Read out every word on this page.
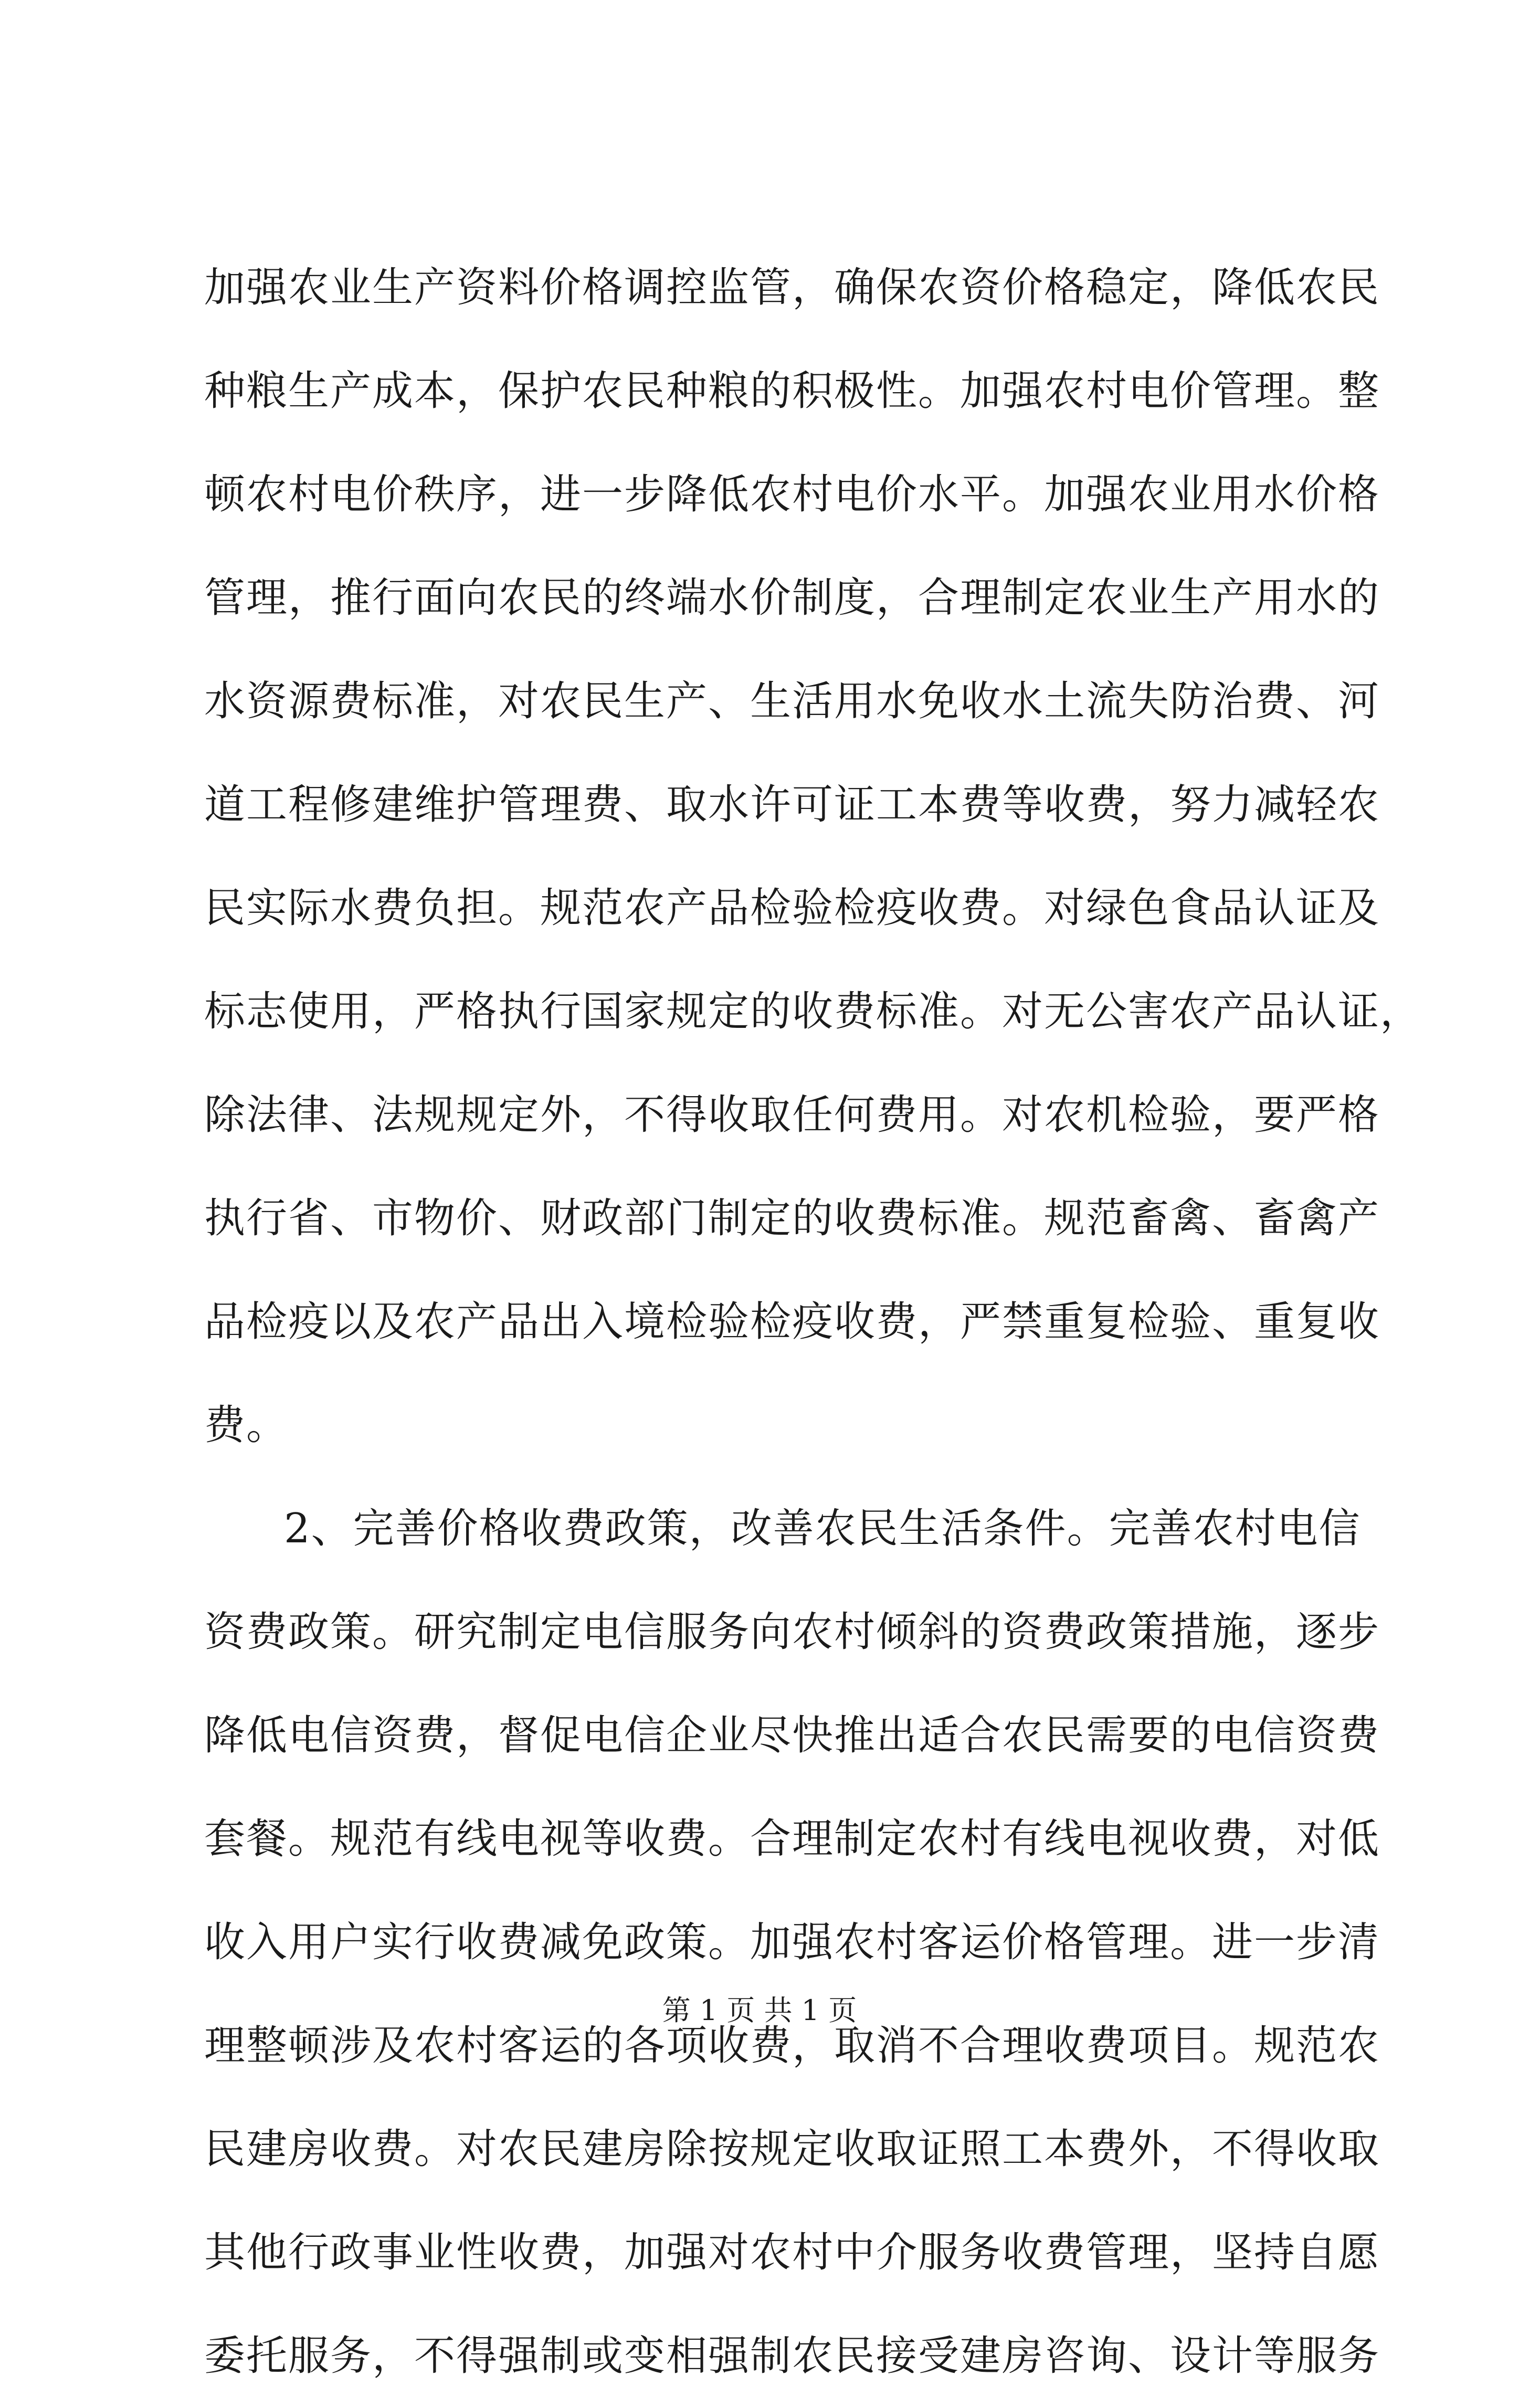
加强农业生产资料价格调控监管，确保农资价格稳定，降低农民
种粮生产成本，保护农民种粮的积极性。加强农村电价管理。整
顿农村电价秩序，进一步降低农村电价水平。加强农业用水价格
管理，推行面向农民的终端水价制度，合理制定农业生产用水的
水资源费标准，对农民生产、生活用水免收水土流失防治费、河
道工程修建维护管理费、取水许可证工本费等收费，努力减轻农
民实际水费负担。规范农产品检验检疫收费。对绿色食品认证及
标志使用，严格执行国家规定的收费标准。对无公害农产品认证，
除法律、法规规定外，不得收取任何费用。对农机检验，要严格
执行省、市物价、财政部门制定的收费标准。规范畜禽、畜禽产
品检疫以及农产品出入境检验检疫收费，严禁重复检验、重复收
费。
2、完善价格收费政策，改善农民生活条件。完善农村电信
资费政策。研究制定电信服务向农村倾斜的资费政策措施，逐步
降低电信资费，督促电信企业尽快推出适合农民需要的电信资费
套餐。规范有线电视等收费。合理制定农村有线电视收费，对低
收入用户实行收费减免政策。加强农村客运价格管理。进一步清
理整顿涉及农村客运的各项收费，取消不合理收费项目。规范农
民建房收费。对农民建房除按规定收取证照工本费外，不得收取
其他行政事业性收费，加强对农村中介服务收费管理，坚持自愿
委托服务，不得强制或变相强制农民接受建房咨询、设计等服务
第 1 页 共 1 页
